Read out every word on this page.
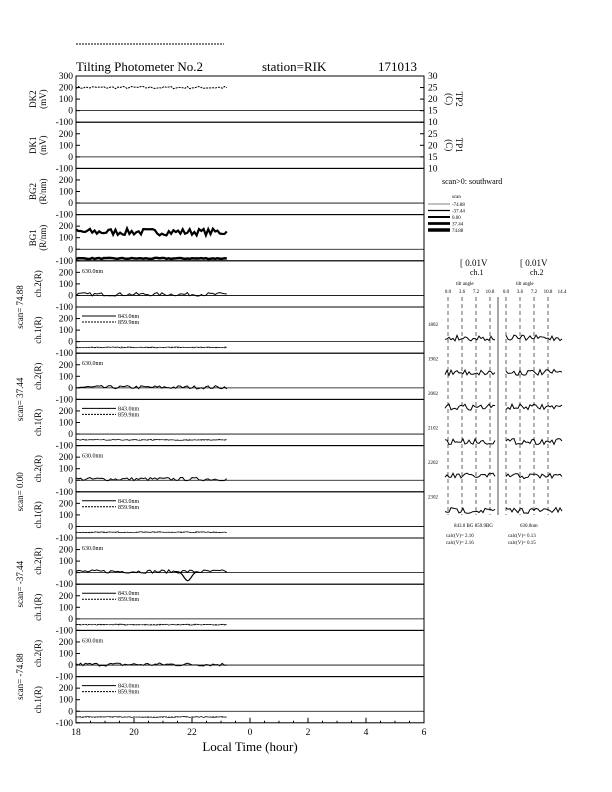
Tilting Photometer No.2	station=RIK	171013
300
200
100
0
-100
DK2 (mV)
30
25
20
15
10
TP2
(C)
200
100
0
-100
DK1 (mV)
25
20
15
10
TP1
(C)
200
100
0
-100
BG2 (R/nm)
200
100
0
-100
BG1 (R/nm)
200
100
0
-100
ch.2(R)	630.0nm
200
100
0
-100
ch.1(R)	843.0nm
859.9nm
200
100
0
-100
ch.2(R)	630.0nm
200
100
0
-100
ch.1(R)	843.0nm
859.9nm
200
100
0
-100
ch.2(R)	630.0nm
200
100
0
-100
ch.1(R)	843.0nm
859.9nm
200
100
0
-100
ch.2(R)	630.0nm
200
100
0
-100
ch.1(R)	843.0nm
859.9nm
200
100
0
-100
ch.2(R)	630.0nm
200
100
0
-100
ch.1(R)	843.0nm
859.9nm
scan= 74.88
scan= 37.44
scan= 0.00
scan= -37.44
scan= -74.88
18	20	22	0	2	4	6
Local Time (hour)
scan>0: southward
scan
-74.88
-37.44
0.00
37.44
74.88
[ 0.01V	[ 0.01V
ch.1	ch.2
tilt angle	tilt angle
0.0 3.6 7.2 10.8 0.0 3.6 7.2 10.8 14.4
1802
1902
2002
2102
2202
2302
843.0 BG 859.9BG	630.0nm
calc(V)= 2.16
calc(V)= 2.16
calc(V)= 0.13
calc(V)= 0.15
